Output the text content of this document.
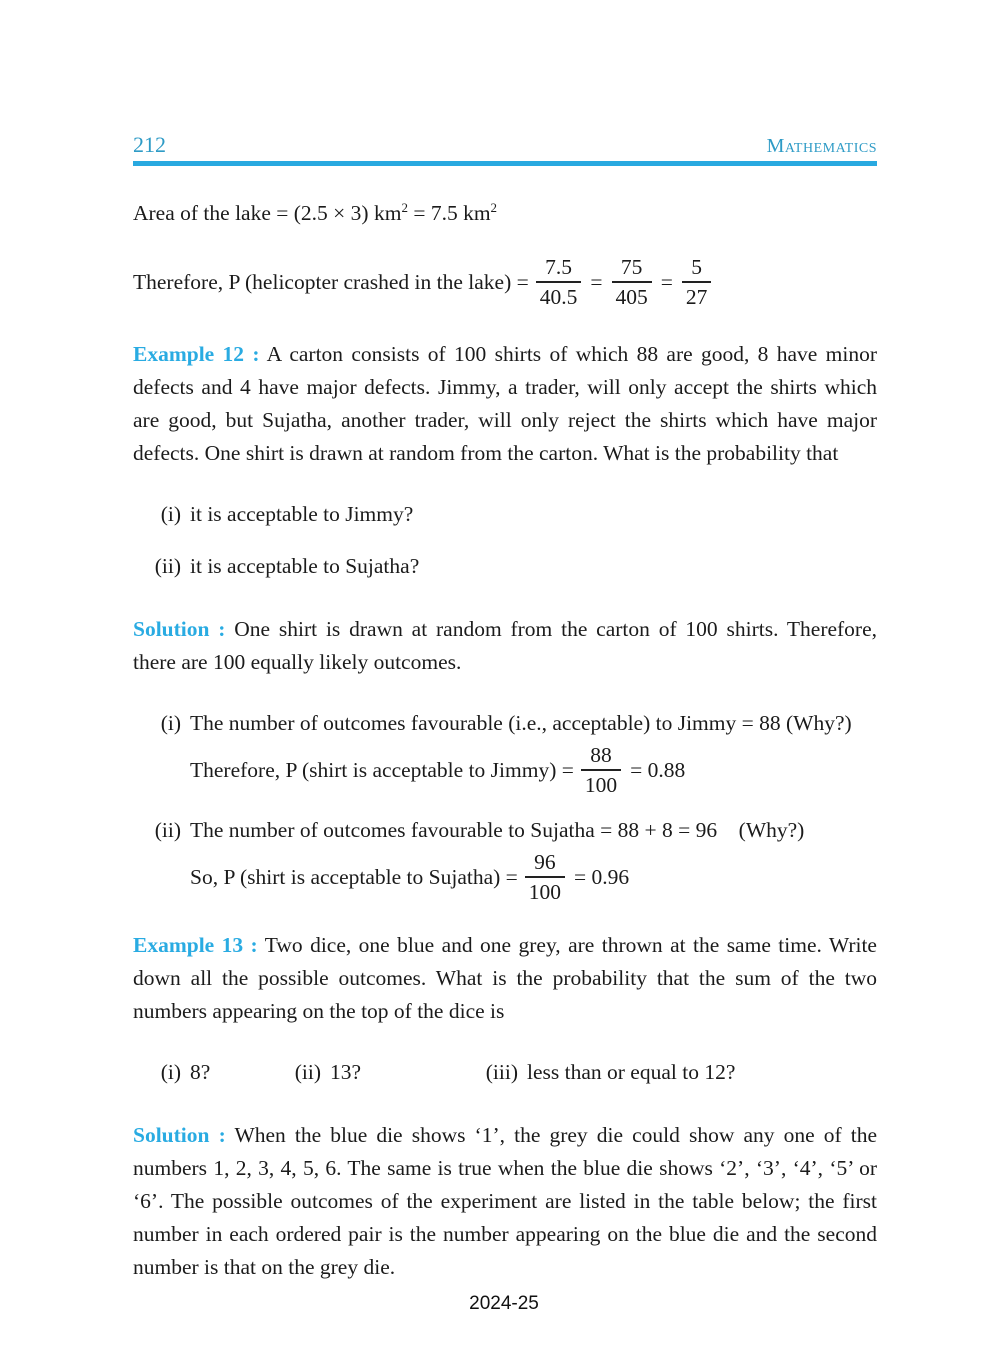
212	Mathematics

Area of the lake = (2.5 × 3) $km^2 = 7.5$ $km^2$

Therefore, P (helicopter crashed in the lake) = $\frac{7.5}{40.5} = \frac{75}{405} = \frac{5}{27}$

Example 12 : A carton consists of 100 shirts of which 88 are good, 8 have minor defects and 4 have major defects. Jimmy, a trader, will only accept the shirts which are good, but Sujatha, another trader, will only reject the shirts which have major defects. One shirt is drawn at random from the carton. What is the probability that

(i) it is acceptable to Jimmy?
(ii) it is acceptable to Sujatha?

Solution : One shirt is drawn at random from the carton of 100 shirts. Therefore, there are 100 equally likely outcomes.

(i) The number of outcomes favourable (i.e., acceptable) to Jimmy = 88 (Why?)
Therefore, P (shirt is acceptable to Jimmy) = $\frac{88}{100} = 0.88$
(ii) The number of outcomes favourable to Sujatha = 88 + 8 = 96  (Why?)
So, P (shirt is acceptable to Sujatha) = $\frac{96}{100} = 0.96$

Example 13 : Two dice, one blue and one grey, are thrown at the same time. Write down all the possible outcomes. What is the probability that the sum of the two numbers appearing on the top of the dice is

(i) 8?	(ii) 13?	(iii) less than or equal to 12?

Solution : When the blue die shows ‘1’, the grey die could show any one of the numbers 1, 2, 3, 4, 5, 6. The same is true when the blue die shows ‘2’, ‘3’, ‘4’, ‘5’ or ‘6’. The possible outcomes of the experiment are listed in the table below; the first number in each ordered pair is the number appearing on the blue die and the second number is that on the grey die.

2024-25
